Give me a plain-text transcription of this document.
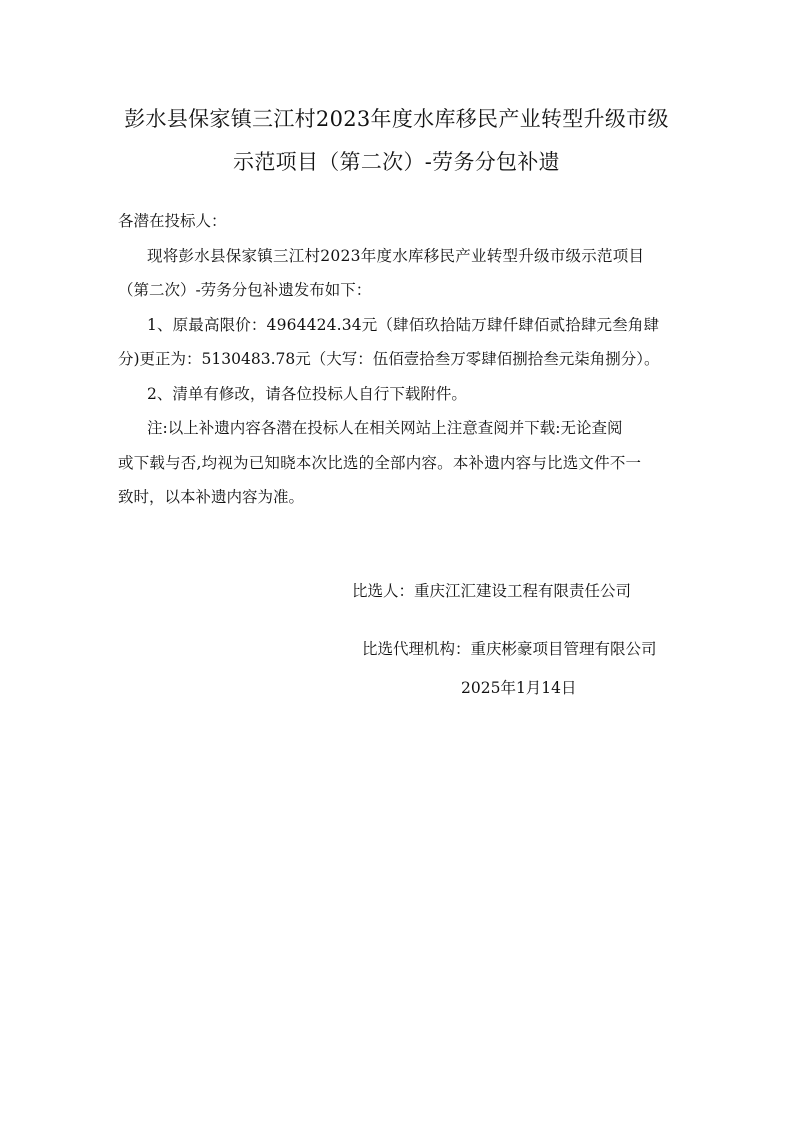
彭水县保家镇三江村2023年度水库移民产业转型升级市级
示范项目（第二次）-劳务分包补遗
各潜在投标人：
现将彭水县保家镇三江村2023年度水库移民产业转型升级市级示范项目
（第二次）-劳务分包补遗发布如下：
1、原最高限价：4964424.34元（肆佰玖拾陆万肆仟肆佰贰拾肆元叁角肆
分)更正为：5130483.78元（大写：伍佰壹拾叁万零肆佰捌拾叁元柒角捌分）。
2、清单有修改，请各位投标人自行下载附件。
注:以上补遗内容各潜在投标人在相关网站上注意查阅并下载:无论查阅
或下载与否,均视为已知晓本次比选的全部内容。本补遗内容与比选文件不一
致时，以本补遗内容为准。
比选人：重庆江汇建设工程有限责任公司
比选代理机构：重庆彬豪项目管理有限公司
2025年1月14日
